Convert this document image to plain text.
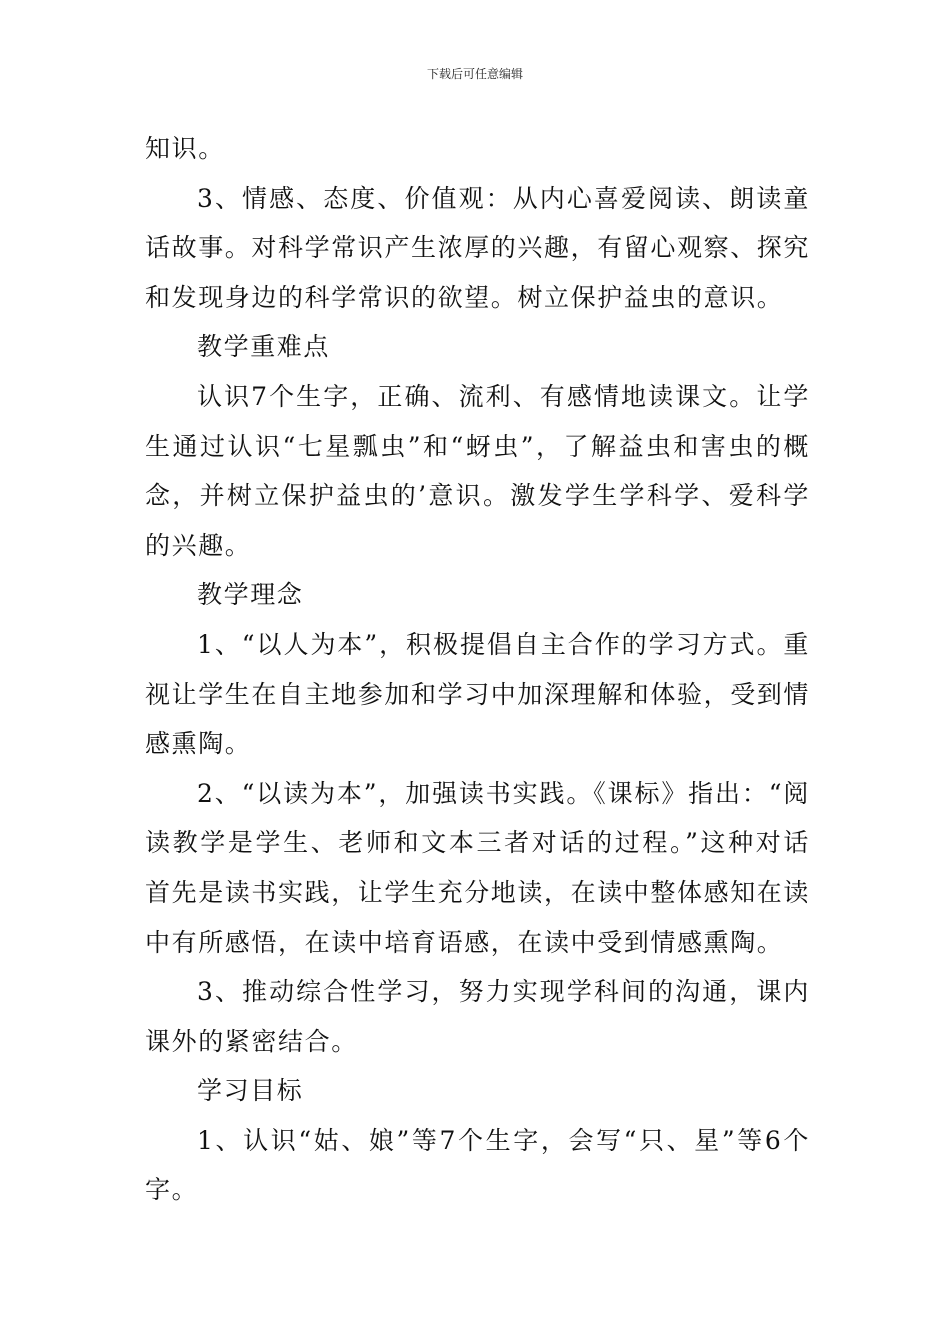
下载后可任意编辑

知识。

3、情感、态度、价值观：从内心喜爱阅读、朗读童话故事。对科学常识产生浓厚的兴趣，有留心观察、探究和发现身边的科学常识的欲望。树立保护益虫的意识。

教学重难点

认识7个生字，正确、流利、有感情地读课文。让学生通过认识“七星瓢虫”和“蚜虫”，了解益虫和害虫的概念，并树立保护益虫的’意识。激发学生学科学、爱科学的兴趣。

教学理念

1、“以人为本”，积极提倡自主合作的学习方式。重视让学生在自主地参加和学习中加深理解和体验，受到情感熏陶。

2、“以读为本”，加强读书实践。《课标》指出：“阅读教学是学生、老师和文本三者对话的过程。”这种对话首先是读书实践，让学生充分地读，在读中整体感知在读中有所感悟，在读中培育语感，在读中受到情感熏陶。

3、推动综合性学习，努力实现学科间的沟通，课内课外的紧密结合。

学习目标

1、认识“姑、娘”等7个生字，会写“只、星”等6个字。
